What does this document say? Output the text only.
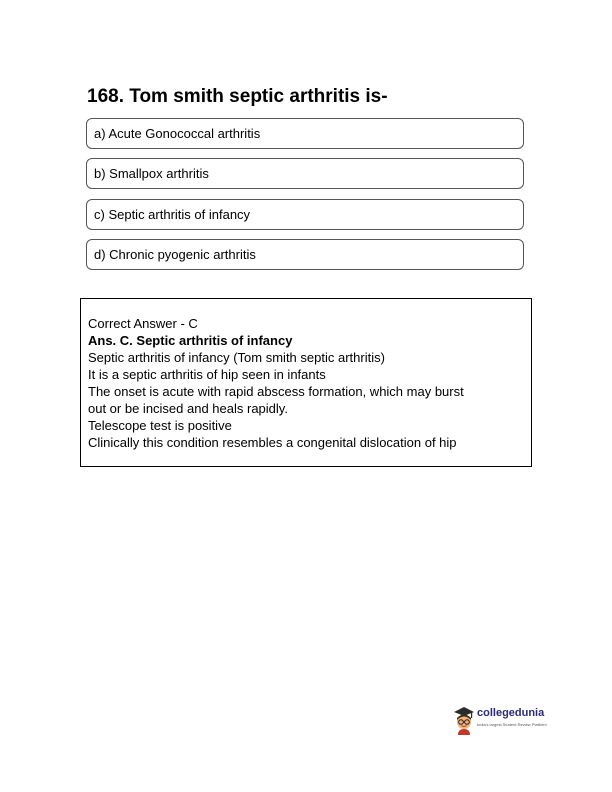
168. Tom smith septic arthritis is-
a) Acute Gonococcal arthritis
b) Smallpox arthritis
c) Septic arthritis of infancy
d) Chronic pyogenic arthritis
Correct Answer - C
Ans. C. Septic arthritis of infancy
Septic arthritis of infancy (Tom smith septic arthritis)
It is a septic arthritis of hip seen in infants
The onset is acute with rapid abscess formation, which may burst
out or be incised and heals rapidly.
Telescope test is positive
Clinically this condition resembles a congenital dislocation of hip
collegedunia
India's largest Student Review Platform
